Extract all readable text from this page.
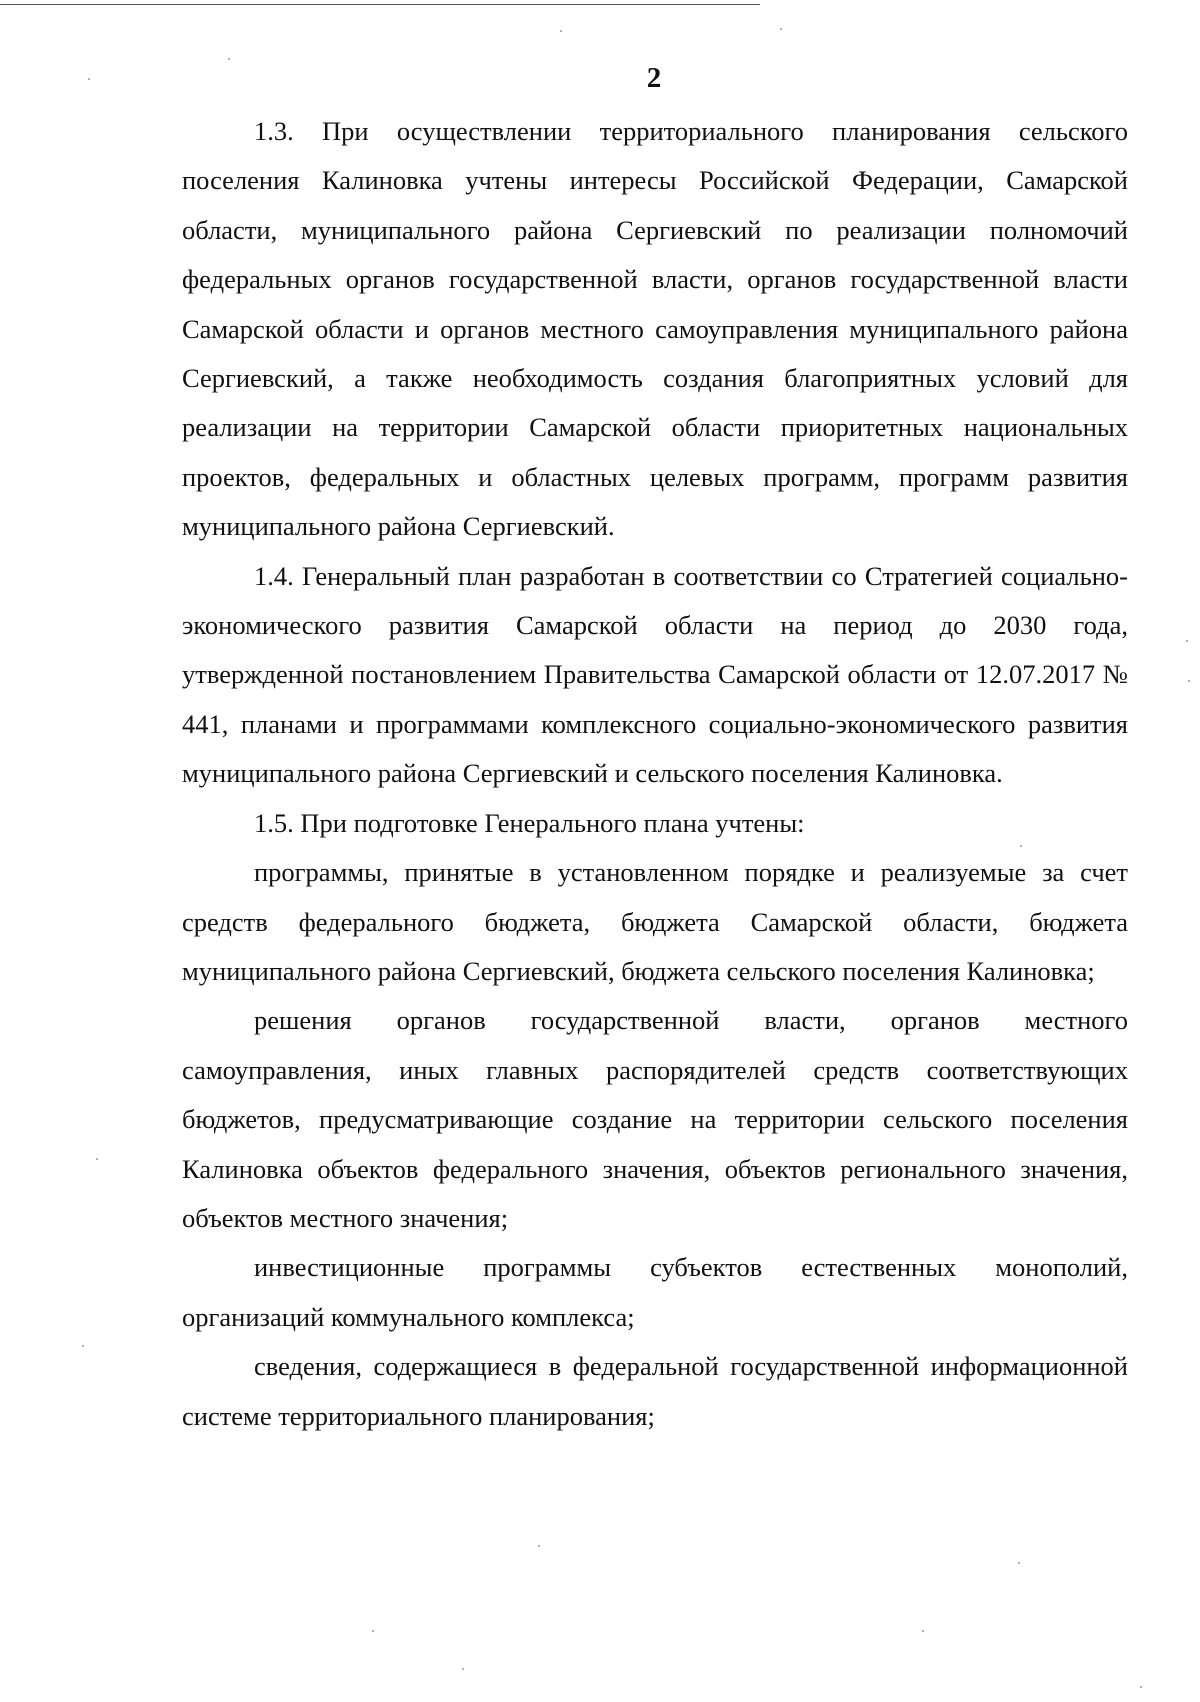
2

1.3. При осуществлении территориального планирования сельского поселения Калиновка учтены интересы Российской Федерации, Самарской области, муниципального района Сергиевский по реализации полномочий федеральных органов государственной власти, органов государственной власти Самарской области и органов местного самоуправления муниципального района Сергиевский, а также необходимость создания благоприятных условий для реализации на территории Самарской области приоритетных национальных проектов, федеральных и областных целевых программ, программ развития муниципального района Сергиевский.

1.4. Генеральный план разработан в соответствии со Стратегией социально-экономического развития Самарской области на период до 2030 года, утвержденной постановлением Правительства Самарской области от 12.07.2017 № 441, планами и программами комплексного социально-экономического развития муниципального района Сергиевский и сельского поселения Калиновка.

1.5. При подготовке Генерального плана учтены:

программы, принятые в установленном порядке и реализуемые за счет средств федерального бюджета, бюджета Самарской области, бюджета муниципального района Сергиевский, бюджета сельского поселения Калиновка;

решения органов государственной власти, органов местного самоуправления, иных главных распорядителей средств соответствующих бюджетов, предусматривающие создание на территории сельского поселения Калиновка объектов федерального значения, объектов регионального значения, объектов местного значения;

инвестиционные программы субъектов естественных монополий, организаций коммунального комплекса;

сведения, содержащиеся в федеральной государственной информационной системе территориального планирования;
